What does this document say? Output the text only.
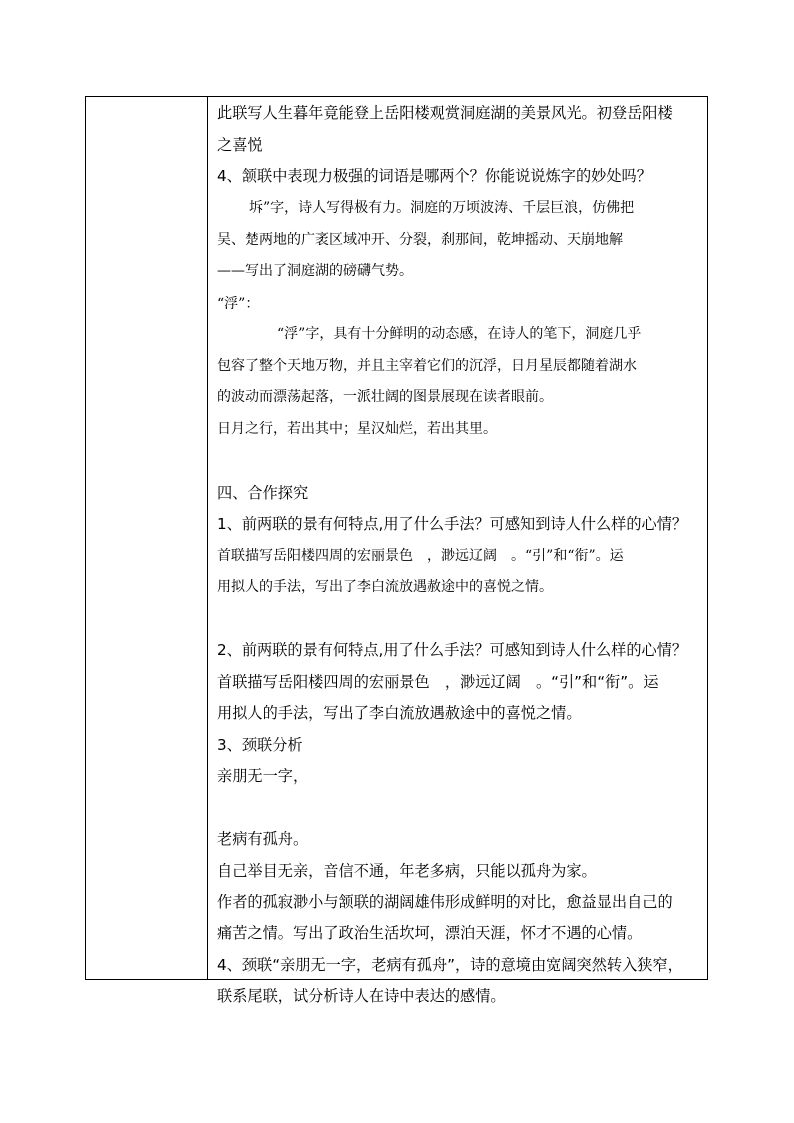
此联写人生暮年竟能登上岳阳楼观赏洞庭湖的美景风光。初登岳阳楼
之喜悦
4、颔联中表现力极强的词语是哪两个？你能说说炼字的妙处吗？
坼”字，诗人写得极有力。洞庭的万顷波涛、千层巨浪，仿佛把
吴、楚两地的广袤区域冲开、分裂，刹那间，乾坤摇动、天崩地解
——写出了洞庭湖的磅礴气势。
“浮”：
“浮”字，具有十分鲜明的动态感，在诗人的笔下，洞庭几乎
包容了整个天地万物，并且主宰着它们的沉浮，日月星辰都随着湖水
的波动而漂荡起落，一派壮阔的图景展现在读者眼前。
日月之行，若出其中；星汉灿烂，若出其里。
四、合作探究
1、前两联的景有何特点,用了什么手法？可感知到诗人什么样的心情？
首联描写岳阳楼四周的宏丽景色　，渺远辽阔　。“引”和“衔”。运
用拟人的手法，写出了李白流放遇赦途中的喜悦之情。
2、前两联的景有何特点,用了什么手法？可感知到诗人什么样的心情？
首联描写岳阳楼四周的宏丽景色　，渺远辽阔　。“引”和“衔”。运
用拟人的手法，写出了李白流放遇赦途中的喜悦之情。
3、颈联分析
亲朋无一字，
老病有孤舟。
自己举目无亲，音信不通，年老多病，只能以孤舟为家。
作者的孤寂渺小与颔联的湖阔雄伟形成鲜明的对比，愈益显出自己的
痛苦之情。写出了政治生活坎坷，漂泊天涯，怀才不遇的心情。
4、颈联“亲朋无一字，老病有孤舟”，诗的意境由宽阔突然转入狭窄，
联系尾联，试分析诗人在诗中表达的感情。
